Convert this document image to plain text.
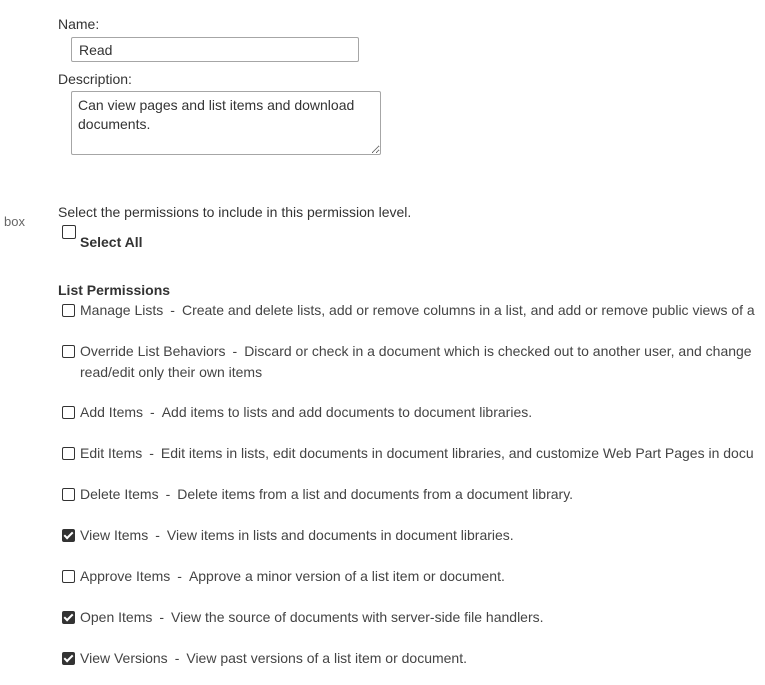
Name:
Read
Description:
Can view pages and list items and download documents.
box
Select the permissions to include in this permission level.
Select All
List Permissions
Manage Lists - Create and delete lists, add or remove columns in a list, and add or remove public views of a
Override List Behaviors - Discard or check in a document which is checked out to another user, and change
read/edit only their own items
Add Items - Add items to lists and add documents to document libraries.
Edit Items - Edit items in lists, edit documents in document libraries, and customize Web Part Pages in docu
Delete Items - Delete items from a list and documents from a document library.
View Items - View items in lists and documents in document libraries.
Approve Items - Approve a minor version of a list item or document.
Open Items - View the source of documents with server-side file handlers.
View Versions - View past versions of a list item or document.
